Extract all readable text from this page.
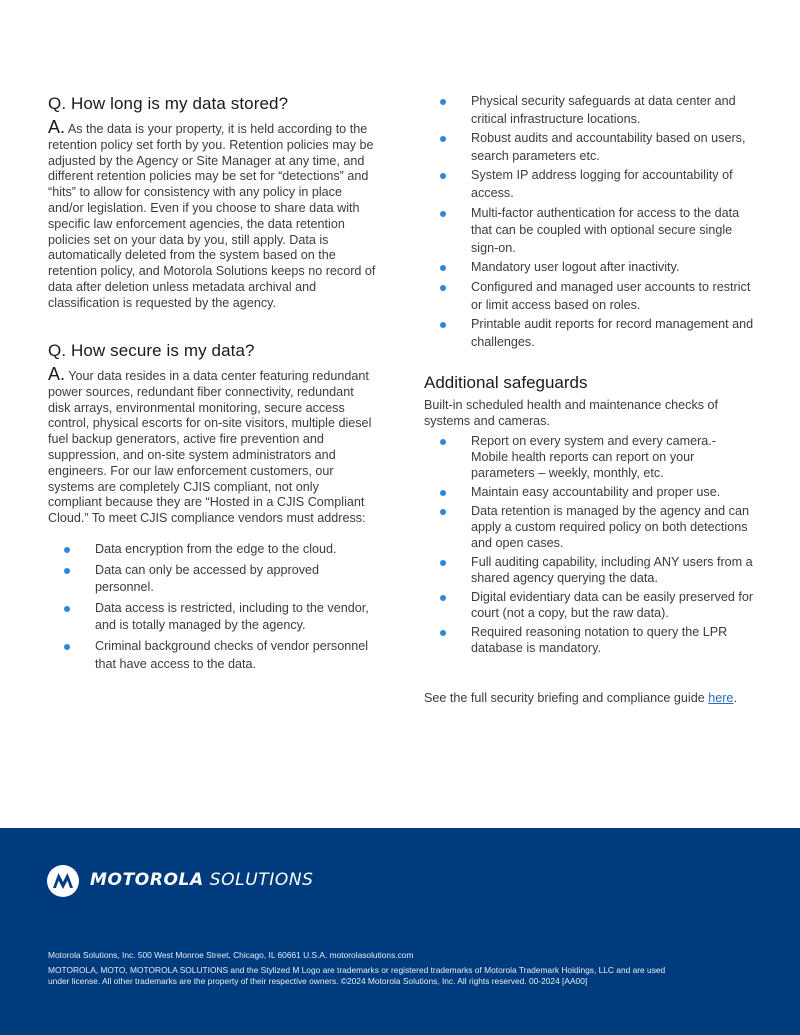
Q. How long is my data stored?

A. As the data is your property, it is held according to the retention policy set forth by you. Retention policies may be adjusted by the Agency or Site Manager at any time, and different retention policies may be set for “detections” and “hits” to allow for consistency with any policy in place and/or legislation. Even if you choose to share data with specific law enforcement agencies, the data retention policies set on your data by you, still apply. Data is automatically deleted from the system based on the retention policy, and Motorola Solutions keeps no record of data after deletion unless metadata archival and classification is requested by the agency.

Q. How secure is my data?

A. Your data resides in a data center featuring redundant power sources, redundant fiber connectivity, redundant disk arrays, environmental monitoring, secure access control, physical escorts for on-site visitors, multiple diesel fuel backup generators, active fire prevention and suppression, and on-site system administrators and engineers. For our law enforcement customers, our systems are completely CJIS compliant, not only compliant because they are “Hosted in a CJIS Compliant Cloud.” To meet CJIS compliance vendors must address:

Data encryption from the edge to the cloud.
Data can only be accessed by approved personnel.
Data access is restricted, including to the vendor, and is totally managed by the agency.
Criminal background checks of vendor personnel that have access to the data.
Physical security safeguards at data center and critical infrastructure locations.
Robust audits and accountability based on users, search parameters etc.
System IP address logging for accountability of access.
Multi-factor authentication for access to the data that can be coupled with optional secure single sign-on.
Mandatory user logout after inactivity.
Configured and managed user accounts to restrict or limit access based on roles.
Printable audit reports for record management and challenges.
Additional safeguards

Built-in scheduled health and maintenance checks of systems and cameras.

Report on every system and every camera.- Mobile health reports can report on your parameters – weekly, monthly, etc.
Maintain easy accountability and proper use.
Data retention is managed by the agency and can apply a custom required policy on both detections and open cases.
Full auditing capability, including ANY users from a shared agency querying the data.
Digital evidentiary data can be easily preserved for court (not a copy, but the raw data).
Required reasoning notation to query the LPR database is mandatory.

See the full security briefing and compliance guide here.

MOTOROLA SOLUTIONS
Motorola Solutions, Inc. 500 West Monroe Street, Chicago, IL 60661 U.S.A. motorolasolutions.com
MOTOROLA, MOTO, MOTOROLA SOLUTIONS and the Stylized M Logo are trademarks or registered trademarks of Motorola Trademark Holdings, LLC and are used under license. All other trademarks are the property of their respective owners. ©2024 Motorola Solutions, Inc. All rights reserved. 00-2024 [AA00]
